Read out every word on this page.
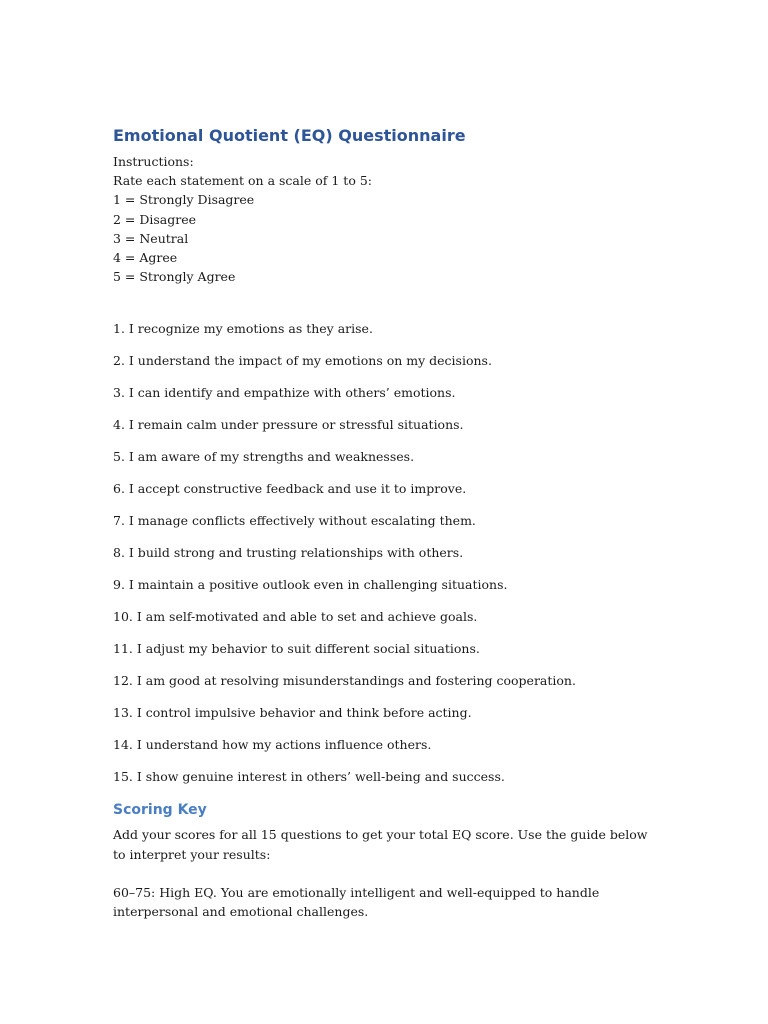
Emotional Quotient (EQ) Questionnaire

Instructions:

Rate each statement on a scale of 1 to 5:

1 = Strongly Disagree

2 = Disagree

3 = Neutral

4 = Agree

5 = Strongly Agree

1. I recognize my emotions as they arise.

2. I understand the impact of my emotions on my decisions.

3. I can identify and empathize with others’ emotions.

4. I remain calm under pressure or stressful situations.

5. I am aware of my strengths and weaknesses.

6. I accept constructive feedback and use it to improve.

7. I manage conflicts effectively without escalating them.

8. I build strong and trusting relationships with others.

9. I maintain a positive outlook even in challenging situations.

10. I am self-motivated and able to set and achieve goals.

11. I adjust my behavior to suit different social situations.

12. I am good at resolving misunderstandings and fostering cooperation.

13. I control impulsive behavior and think before acting.

14. I understand how my actions influence others.

15. I show genuine interest in others’ well-being and success.

Scoring Key

Add your scores for all 15 questions to get your total EQ score. Use the guide below to interpret your results:

60–75: High EQ. You are emotionally intelligent and well-equipped to handle interpersonal and emotional challenges.
